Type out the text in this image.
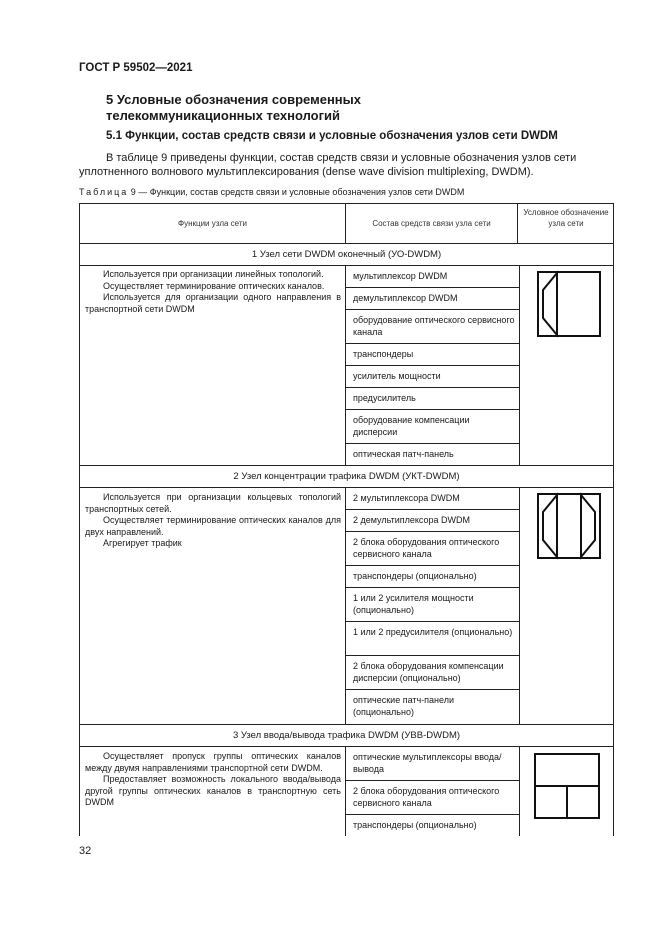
ГОСТ Р 59502—2021
5 Условные обозначения современных телекоммуникационных технологий
5.1 Функции, состав средств связи и условные обозначения узлов сети DWDM
В таблице 9 приведены функции, состав средств связи и условные обозначения узлов сети уплотненного волнового мультиплексирования (dense wave division multiplexing, DWDM).
Таблица 9 — Функции, состав средств связи и условные обозначения узлов сети DWDM
Функции узла сети	Состав средств связи узла сети
Условное обозначение узла сети
1 Узел сети DWDM оконечный (УО-DWDM)

Используется при организации линейных топологий.

Осуществляет терминирование оптических каналов.

Используется для организации одного направления в транспортной сети DWDM

мультиплексор DWDM
демультиплексор DWDM
оборудование оптического сервисного канала
транспондеры
усилитель мощности
предусилитель
оборудование компенсации дисперсии
оптическая патч-панель
2 Узел концентрации трафика DWDM (УКТ-DWDM)

Используется при организации кольцевых топологий транспортных сетей.

Осуществляет терминирование оптических каналов для двух направлений.

Агрегирует трафик

2 мультиплексора DWDM
2 демультиплексора DWDM
2 блока оборудования оптического сервисного канала
транспондеры (опционально)
1 или 2 усилителя мощности (опционально)
1 или 2 предусилителя (опционально)
2 блока оборудования компенсации дисперсии (опционально)
оптические патч-панели (опционально)
3 Узел ввода/вывода трафика DWDM (УВВ-DWDM)

Осуществляет пропуск группы оптических каналов между двумя направлениями транспортной сети DWDM.

Предоставляет возможность локального ввода/вывода другой группы оптических каналов в транспортную сеть DWDM

оптические мультиплексоры ввода/вывода
2 блока оборудования оптического сервисного канала
транспондеры (опционально)
32
